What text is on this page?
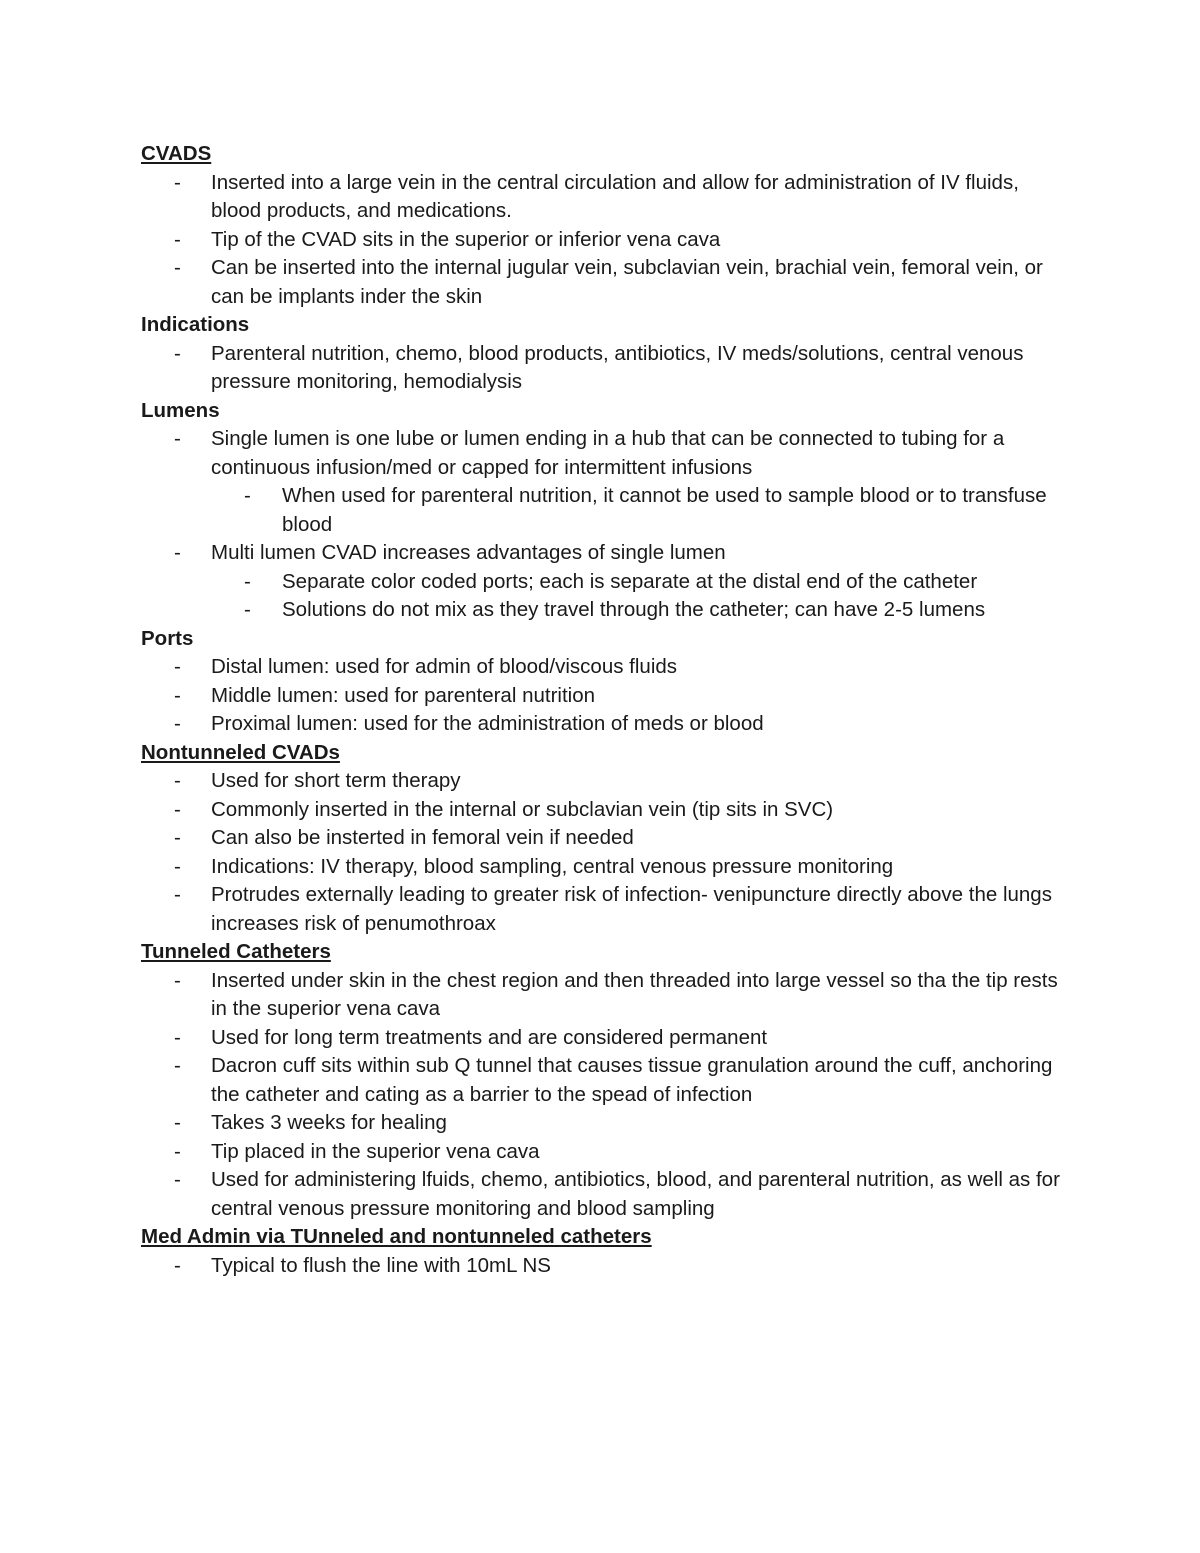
CVADS
- Inserted into a large vein in the central circulation and allow for administration of IV fluids, blood products, and medications.
- Tip of the CVAD sits in the superior or inferior vena cava
- Can be inserted into the internal jugular vein, subclavian vein, brachial vein, femoral vein, or can be implants inder the skin
Indications
- Parenteral nutrition, chemo, blood products, antibiotics, IV meds/solutions, central venous pressure monitoring, hemodialysis
Lumens
- Single lumen is one lube or lumen ending in a hub that can be connected to tubing for a continuous infusion/med or capped for intermittent infusions
- When used for parenteral nutrition, it cannot be used to sample blood or to transfuse blood
- Multi lumen CVAD increases advantages of single lumen
- Separate color coded ports; each is separate at the distal end of the catheter
- Solutions do not mix as they travel through the catheter; can have 2-5 lumens
Ports
- Distal lumen: used for admin of blood/viscous fluids
- Middle lumen: used for parenteral nutrition
- Proximal lumen: used for the administration of meds or blood
Nontunneled CVADs
- Used for short term therapy
- Commonly inserted in the internal or subclavian vein (tip sits in SVC)
- Can also be insterted in femoral vein if needed
- Indications: IV therapy, blood sampling, central venous pressure monitoring
- Protrudes externally leading to greater risk of infection- venipuncture directly above the lungs increases risk of penumothroax
Tunneled Catheters
- Inserted under skin in the chest region and then threaded into large vessel so tha the tip rests in the superior vena cava
- Used for long term treatments and are considered permanent
- Dacron cuff sits within sub Q tunnel that causes tissue granulation around the cuff, anchoring the catheter and cating as a barrier to the spead of infection
- Takes 3 weeks for healing
- Tip placed in the superior vena cava
- Used for administering lfuids, chemo, antibiotics, blood, and parenteral nutrition, as well as for central venous pressure monitoring and blood sampling
Med Admin via TUnneled and nontunneled catheters
- Typical to flush the line with 10mL NS
